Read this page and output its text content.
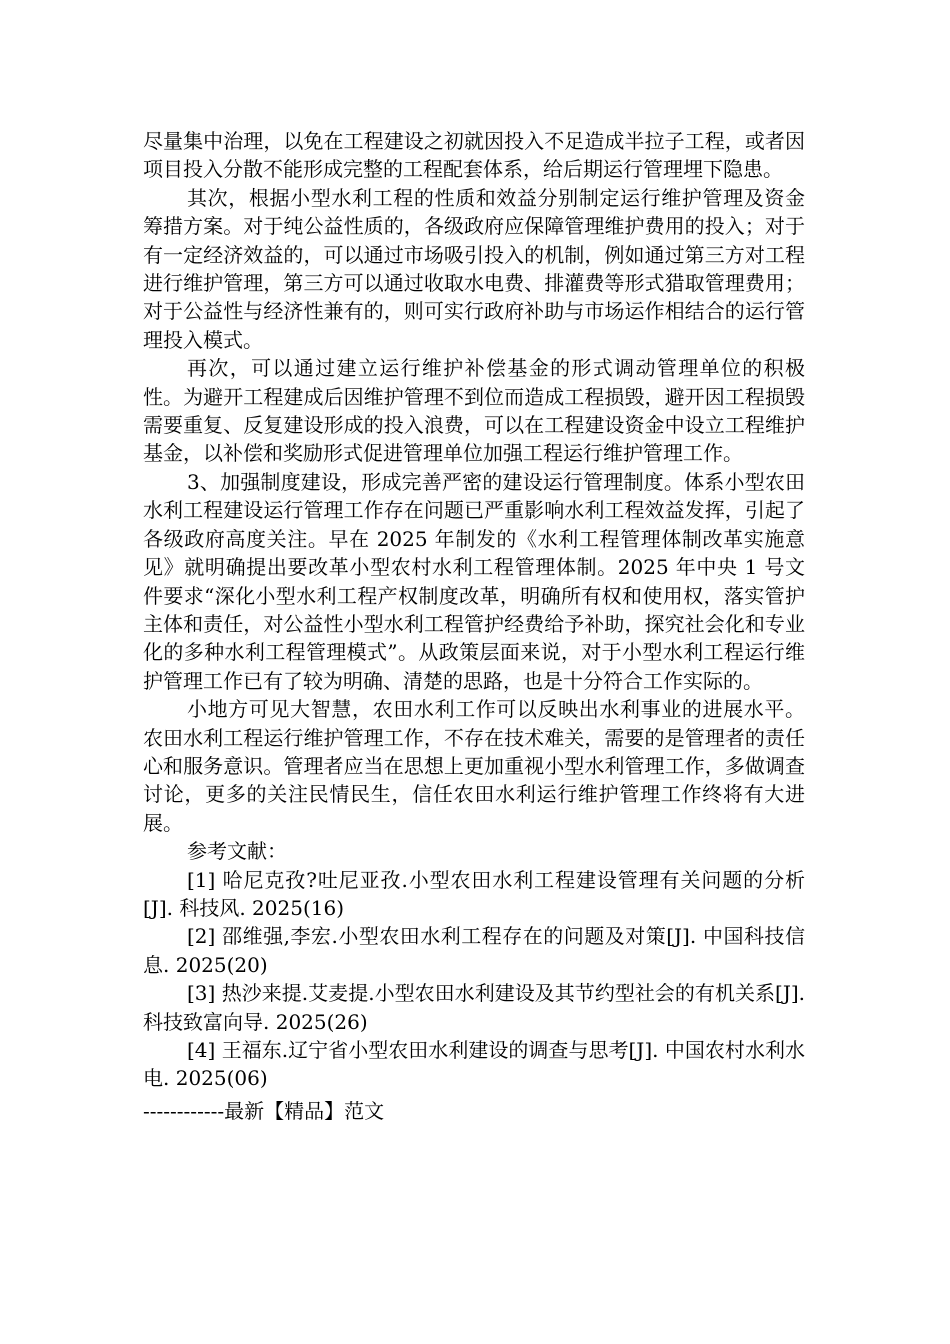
尽量集中治理，以免在工程建设之初就因投入不足造成半拉子工程，或者因项目投入分散不能形成完整的工程配套体系，给后期运行管理埋下隐患。

其次，根据小型水利工程的性质和效益分别制定运行维护管理及资金筹措方案。对于纯公益性质的，各级政府应保障管理维护费用的投入；对于有一定经济效益的，可以通过市场吸引投入的机制，例如通过第三方对工程进行维护管理，第三方可以通过收取水电费、排灌费等形式猎取管理费用；对于公益性与经济性兼有的，则可实行政府补助与市场运作相结合的运行管理投入模式。

再次，可以通过建立运行维护补偿基金的形式调动管理单位的积极性。为避开工程建成后因维护管理不到位而造成工程损毁，避开因工程损毁需要重复、反复建设形成的投入浪费，可以在工程建设资金中设立工程维护基金，以补偿和奖励形式促进管理单位加强工程运行维护管理工作。

3、加强制度建设，形成完善严密的建设运行管理制度。体系小型农田水利工程建设运行管理工作存在问题已严重影响水利工程效益发挥，引起了各级政府高度关注。早在 2025 年制发的《水利工程管理体制改革实施意见》就明确提出要改革小型农村水利工程管理体制。2025 年中央 1 号文件要求“深化小型水利工程产权制度改革，明确所有权和使用权，落实管护主体和责任，对公益性小型水利工程管护经费给予补助，探究社会化和专业化的多种水利工程管理模式”。从政策层面来说，对于小型水利工程运行维护管理工作已有了较为明确、清楚的思路，也是十分符合工作实际的。

小地方可见大智慧，农田水利工作可以反映出水利事业的进展水平。农田水利工程运行维护管理工作，不存在技术难关，需要的是管理者的责任心和服务意识。管理者应当在思想上更加重视小型水利管理工作，多做调查讨论，更多的关注民情民生，信任农田水利运行维护管理工作终将有大进展。

参考文献：

[1] 哈尼克孜?吐尼亚孜.小型农田水利工程建设管理有关问题的分析[J]. 科技风. 2025(16)

[2] 邵维强,李宏.小型农田水利工程存在的问题及对策[J]. 中国科技信息. 2025(20)

[3] 热沙来提.艾麦提.小型农田水利建设及其节约型社会的有机关系[J]. 科技致富向导. 2025(26)

[4] 王福东.辽宁省小型农田水利建设的调查与思考[J]. 中国农村水利水电. 2025(06)

------------最新【精品】范文
